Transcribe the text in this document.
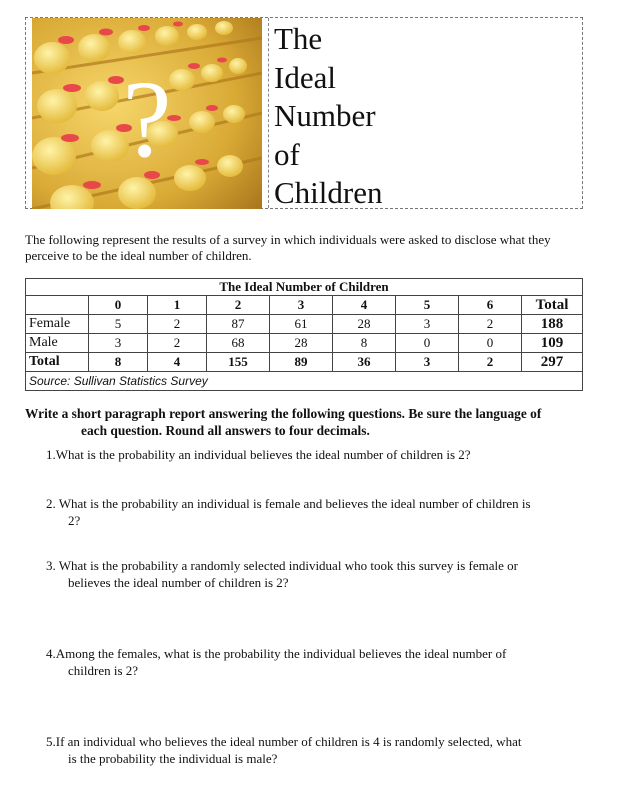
?
The
Ideal
Number
of
Children
The following represent the results of a survey in which individuals were asked to disclose what they perceive to be the ideal number of children.
The Ideal Number of Children								
	0	1	2	3	4	5	6	Total
Female	5	2	87	61	28	3	2	188
Male	3	2	68	28	8	0	0	109
Total	8	4	155	89	36	3	2	297
Source: Sullivan Statistics Survey								
Write a short paragraph report answering the following questions. Be sure the language of
each question. Round all answers to four decimals.
1.What is the probability an individual believes the ideal number of children is 2?
2. What is the probability an individual is female and believes the ideal number of children is
2?
3. What is the probability a randomly selected individual who took this survey is female or
believes the ideal number of children is 2?
4.Among the females, what is the probability the individual believes the ideal number of
children is 2?
5.If an individual who believes the ideal number of children is 4 is randomly selected, what
is the probability the individual is male?
